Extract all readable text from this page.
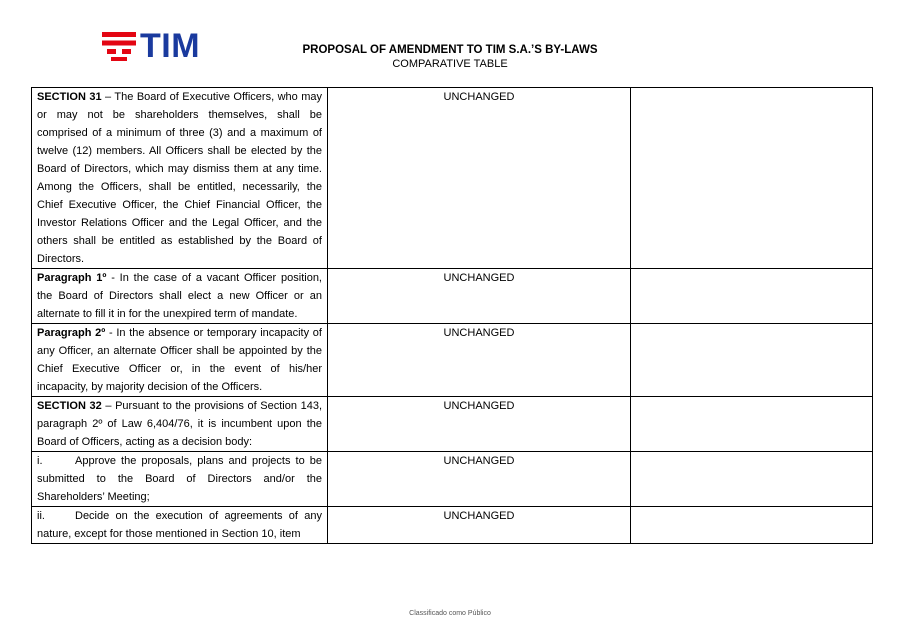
TIM	PROPOSAL OF AMENDMENT TO TIM S.A.’S BY-LAWS
COMPARATIVE TABLE
SECTION 31 – The Board of Executive Officers, who may or may not be shareholders themselves, shall be comprised of a minimum of three (3) and a maximum of twelve (12) members. All Officers shall be elected by the Board of Directors, which may dismiss them at any time. Among the Officers, shall be entitled, necessarily, the Chief Executive Officer, the Chief Financial Officer, the Investor Relations Officer and the Legal Officer, and the others shall be entitled as established by the Board of Directors.	UNCHANGED	
Paragraph 1º - In the case of a vacant Officer position, the Board of Directors shall elect a new Officer or an alternate to fill it in for the unexpired term of mandate.	UNCHANGED	
Paragraph 2º - In the absence or temporary incapacity of any Officer, an alternate Officer shall be appointed by the Chief Executive Officer or, in the event of his/her incapacity, by majority decision of the Officers.	UNCHANGED	
SECTION 32 – Pursuant to the provisions of Section 143, paragraph 2º of Law 6,404/76, it is incumbent upon the Board of Officers, acting as a decision body:	UNCHANGED	
i. Approve the proposals, plans and projects to be submitted to the Board of Directors and/or the Shareholders’ Meeting;	UNCHANGED	
ii. Decide on the execution of agreements of any nature, except for those mentioned in Section 10, item	UNCHANGED	
Classificado como Público
